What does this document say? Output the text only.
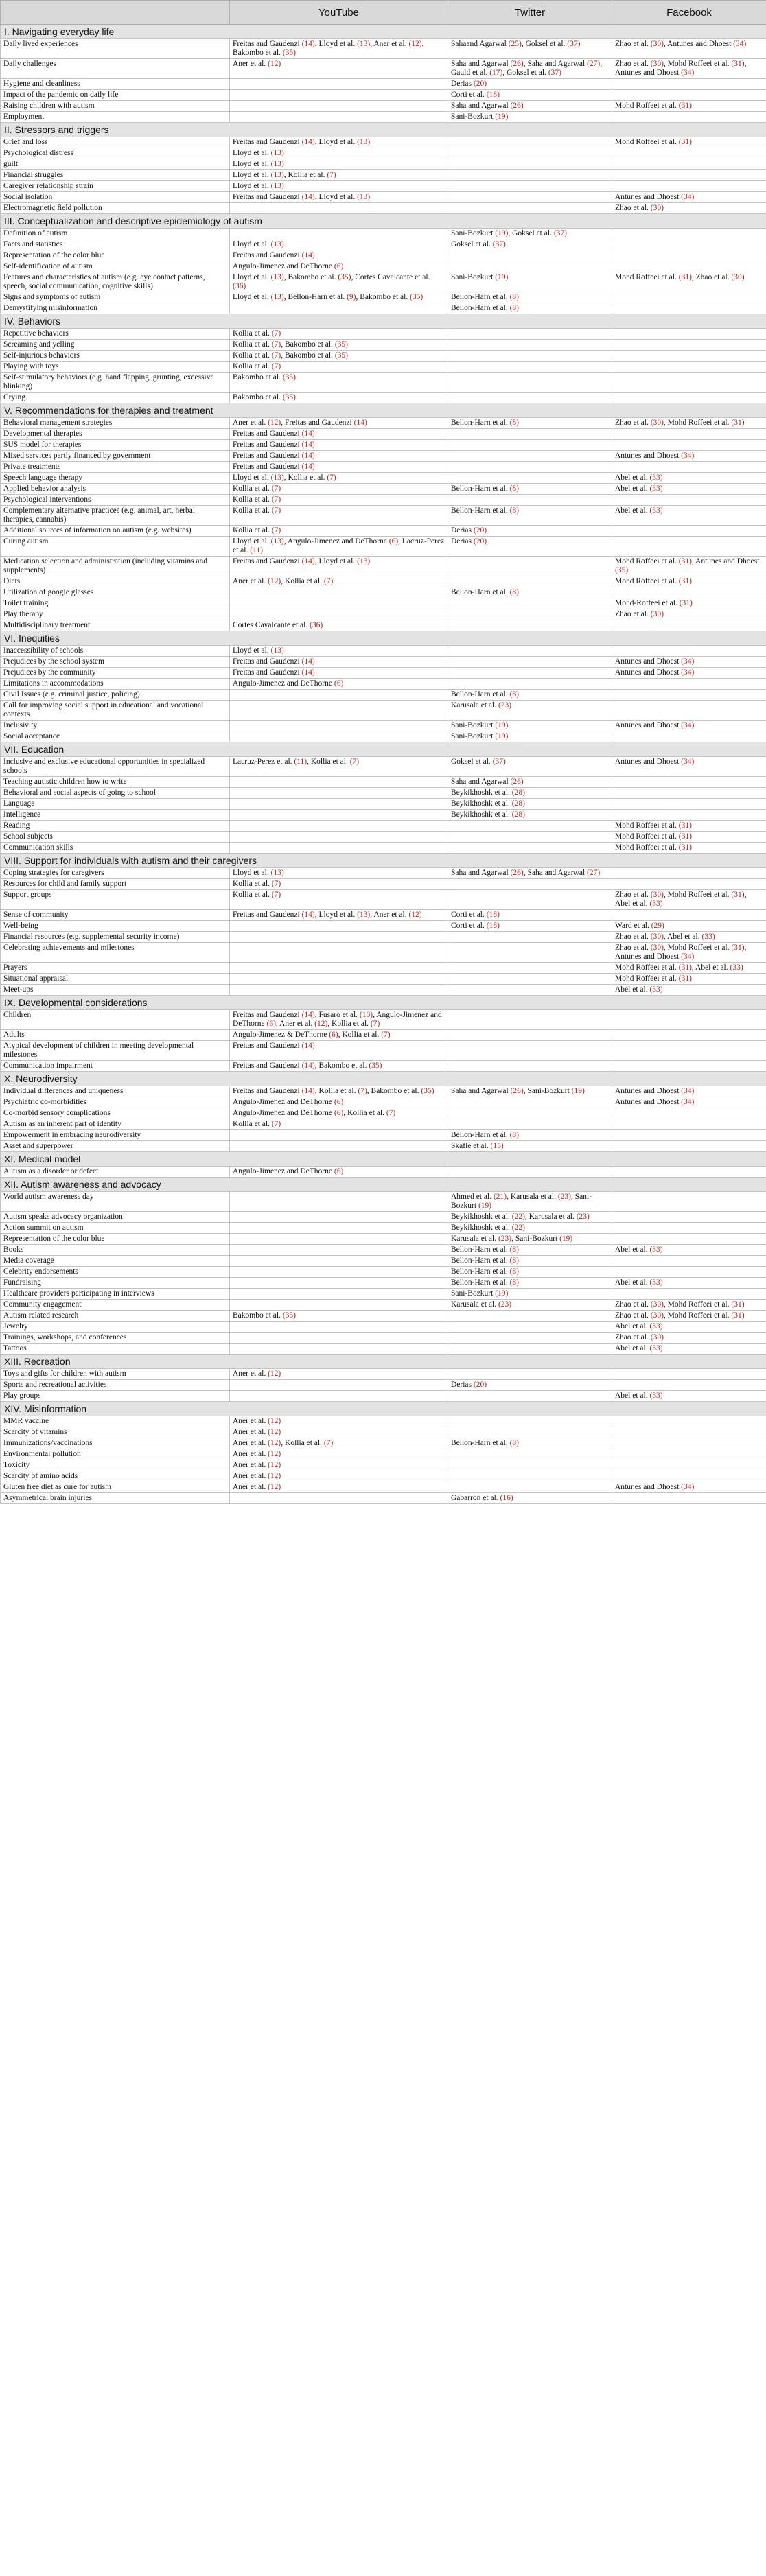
	YouTube	Twitter	Facebook
I. Navigating everyday life			
Daily lived experiences	Freitas and Gaudenzi (14), Lloyd et al. (13), Aner et al. (12), Bakombo et al. (35)	Sahaand Agarwal (25), Goksel et al. (37)	Zhao et al. (30), Antunes and Dhoest (34)
Daily challenges	Aner et al. (12)	Saha and Agarwal (26), Saha and Agarwal (27), Gauld et al. (17), Goksel et al. (37)	Zhao et al. (30), Mohd Roffeei et al. (31), Antunes and Dhoest (34)
Hygiene and cleanliness		Derias (20)	
Impact of the pandemic on daily life		Corti et al. (18)	
Raising children with autism		Saha and Agarwal (26)	Mohd Roffeei et al. (31)
Employment		Sani-Bozkurt (19)	
II. Stressors and triggers			
Grief and loss	Freitas and Gaudenzi (14), Lloyd et al. (13)		Mohd Roffeei et al. (31)
Psychological distress	Lloyd et al. (13)		
guilt	Lloyd et al. (13)		
Financial struggles	Lloyd et al. (13), Kollia et al. (7)		
Caregiver relationship strain	Lloyd et al. (13)		
Social isolation	Freitas and Gaudenzi (14), Lloyd et al. (13)		Antunes and Dhoest (34)
Electromagnetic field pollution			Zhao et al. (30)
III. Conceptualization and descriptive epidemiology of autism			
Definition of autism		Sani-Bozkurt (19), Goksel et al. (37)	
Facts and statistics	Lloyd et al. (13)	Goksel et al. (37)	
Representation of the color blue	Freitas and Gaudenzi (14)		
Self-identification of autism	Angulo-Jimenez and DeThorne (6)		
Features and characteristics of autism (e.g. eye contact patterns, speech, social communication, cognitive skills)	Lloyd et al. (13), Bakombo et al. (35), Cortes Cavalcante et al. (36)	Sani-Bozkurt (19)	Mohd Roffeei et al. (31), Zhao et al. (30)
Signs and symptoms of autism	Lloyd et al. (13), Bellon-Harn et al. (9), Bakombo et al. (35)	Bellon-Harn et al. (8)	
Demystifying misinformation		Bellon-Harn et al. (8)	
IV. Behaviors			
Repetitive behaviors	Kollia et al. (7)		
Screaming and yelling	Kollia et al. (7), Bakombo et al. (35)		
Self-injurious behaviors	Kollia et al. (7), Bakombo et al. (35)		
Playing with toys	Kollia et al. (7)		
Self-stimulatory behaviors (e.g. hand flapping, grunting, excessive blinking)	Bakombo et al. (35)		
Crying	Bakombo et al. (35)		
V. Recommendations for therapies and treatment			
Behavioral management strategies	Aner et al. (12), Freitas and Gaudenzi (14)	Bellon-Harn et al. (8)	Zhao et al. (30), Mohd Roffeei et al. (31)
Developmental therapies	Freitas and Gaudenzi (14)		
SUS model for therapies	Freitas and Gaudenzi (14)		
Mixed services partly financed by government	Freitas and Gaudenzi (14)		Antunes and Dhoest (34)
Private treatments	Freitas and Gaudenzi (14)		
Speech language therapy	Lloyd et al. (13), Kollia et al. (7)		Abel et al. (33)
Applied behavior analysis	Kollia et al. (7)	Bellon-Harn et al. (8)	Abel et al. (33)
Psychological interventions	Kollia et al. (7)		
Complementary alternative practices (e.g. animal, art, herbal therapies, cannabis)	Kollia et al. (7)	Bellon-Harn et al. (8)	Abel et al. (33)
Additional sources of information on autism (e.g. websites)	Kollia et al. (7)	Derias (20)	
Curing autism	Lloyd et al. (13), Angulo-Jimenez and DeThorne (6), Lacruz-Perez et al. (11)	Derias (20)	
Medication selection and administration (including vitamins and supplements)	Freitas and Gaudenzi (14), Lloyd et al. (13)		Mohd Roffeei et al. (31), Antunes and Dhoest (35)
Diets	Aner et al. (12), Kollia et al. (7)		Mohd Roffeei et al. (31)
Utilization of google glasses		Bellon-Harn et al. (8)	
Toilet training			Mohd-Roffeei et al. (31)
Play therapy			Zhao et al. (30)
Multidisciplinary treatment	Cortes Cavalcante et al. (36)		
VI. Inequities			
Inaccessibility of schools	Lloyd et al. (13)		
Prejudices by the school system	Freitas and Gaudenzi (14)		Antunes and Dhoest (34)
Prejudices by the community	Freitas and Gaudenzi (14)		Antunes and Dhoest (34)
Limitations in accommodations	Angulo-Jimenez and DeThorne (6)		
Civil Issues (e.g. criminal justice, policing)		Bellon-Harn et al. (8)	
Call for improving social support in educational and vocational contexts		Karusala et al. (23)	
Inclusivity		Sani-Bozkurt (19)	Antunes and Dhoest (34)
Social acceptance		Sani-Bozkurt (19)	
VII. Education			
Inclusive and exclusive educational opportunities in specialized schools	Lacruz-Perez et al. (11), Kollia et al. (7)	Goksel et al. (37)	Antunes and Dhoest (34)
Teaching autistic children how to write		Saha and Agarwal (26)	
Behavioral and social aspects of going to school		Beykikhoshk et al. (28)	
Language		Beykikhoshk et al. (28)	
Intelligence		Beykikhoshk et al. (28)	
Reading			Mohd Roffeei et al. (31)
School subjects			Mohd Roffeei et al. (31)
Communication skills			Mohd Roffeei et al. (31)
VIII. Support for individuals with autism and their caregivers			
Coping strategies for caregivers	Lloyd et al. (13)	Saha and Agarwal (26), Saha and Agarwal (27)	
Resources for child and family support	Kollia et al. (7)		
Support groups	Kollia et al. (7)		Zhao et al. (30), Mohd Roffeei et al. (31), Abel et al. (33)
Sense of community	Freitas and Gaudenzi (14), Lloyd et al. (13), Aner et al. (12)	Corti et al. (18)	
Well-being		Corti et al. (18)	Ward et al. (29)
Financial resources (e.g. supplemental security income)			Zhao et al. (30), Abel et al. (33)
Celebrating achievements and milestones			Zhao et al. (30), Mohd Roffeei et al. (31), Antunes and Dhoest (34)
Prayers			Mohd Roffeei et al. (31), Abel et al. (33)
Situational appraisal			Mohd Roffeei et al. (31)
Meet-ups			Abel et al. (33)
IX. Developmental considerations			
Children	Freitas and Gaudenzi (14), Fusaro et al. (10), Angulo-Jimenez and DeThorne (6), Aner et al. (12), Kollia et al. (7)		
Adults	Angulo-Jimenez & DeThorne (6), Kollia et al. (7)		
Atypical development of children in meeting developmental milestones	Freitas and Gaudenzi (14)		
Communication impairment	Freitas and Gaudenzi (14), Bakombo et al. (35)		
X. Neurodiversity			
Individual differences and uniqueness	Freitas and Gaudenzi (14), Kollia et al. (7), Bakombo et al. (35)	Saha and Agarwal (26), Sani-Bozkurt (19)	Antunes and Dhoest (34)
Psychiatric co-morbidities	Angulo-Jimenez and DeThorne (6)		Antunes and Dhoest (34)
Co-morbid sensory complications	Angulo-Jimenez and DeThorne (6), Kollia et al. (7)		
Autism as an inherent part of identity	Kollia et al. (7)		
Empowerment in embracing neurodiversity		Bellon-Harn et al. (8)	
Asset and superpower		Skafle et al. (15)	
XI. Medical model			
Autism as a disorder or defect	Angulo-Jimenez and DeThorne (6)		
XII. Autism awareness and advocacy			
World autism awareness day		Ahmed et al. (21), Karusala et al. (23), Sani-Bozkurt (19)	
Autism speaks advocacy organization		Beykikhoshk et al. (22), Karusala et al. (23)	
Action summit on autism		Beykikhoshk et al. (22)	
Representation of the color blue		Karusala et al. (23), Sani-Bozkurt (19)	
Books		Bellon-Harn et al. (8)	Abel et al. (33)
Media coverage		Bellon-Harn et al. (8)	
Celebrity endorsements		Bellon-Harn et al. (8)	
Fundraising		Bellon-Harn et al. (8)	Abel et al. (33)
Healthcare providers participating in interviews		Sani-Bozkurt (19)	
Community engagement		Karusala et al. (23)	Zhao et al. (30), Mohd Roffeei et al. (31)
Autism related research	Bakombo et al. (35)		Zhao et al. (30), Mohd Roffeei et al. (31)
Jewelry			Abel et al. (33)
Trainings, workshops, and conferences			Zhao et al. (30)
Tattoos			Abel et al. (33)
XIII. Recreation			
Toys and gifts for children with autism	Aner et al. (12)		
Sports and recreational activities		Derias (20)	
Play groups			Abel et al. (33)
XIV. Misinformation			
MMR vaccine	Aner et al. (12)		
Scarcity of vitamins	Aner et al. (12)		
Immunizations/vaccinations	Aner et al. (12), Kollia et al. (7)	Bellon-Harn et al. (8)	
Environmental pollution	Aner et al. (12)		
Toxicity	Aner et al. (12)		
Scarcity of amino acids	Aner et al. (12)		
Gluten free diet as cure for autism	Aner et al. (12)		Antunes and Dhoest (34)
Asymmetrical brain injuries		Gabarron et al. (16)	
